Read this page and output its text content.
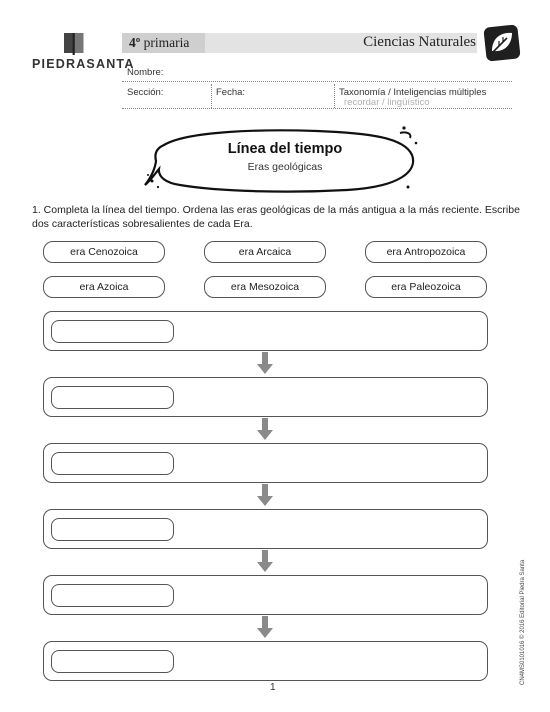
PIEDRASANTA
4º primaria	Ciencias Naturales
Nombre:
Sección:	Fecha:	Taxonomía / Inteligencias múltiples
recordar / lingüístico
Línea del tiempo
Eras geológicas
1. Completa la línea del tiempo. Ordena las eras geológicas de la más antigua a la más reciente. Escribe dos características sobresalientes de cada Era.
era Cenozoica	era Arcaica	era Antropozoica
era Azoica	era Mesozoica	era Paleozoica
1
CN4MS0101016 © 2016 Editorial Piedra Santa
